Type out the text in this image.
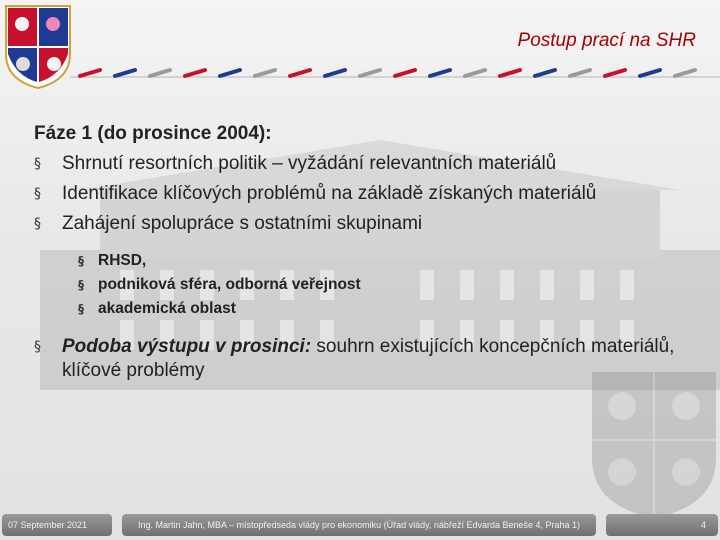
Postup prací na SHR
Fáze 1 (do prosince 2004):
§ Shrnutí resortních politik – vyžádání relevantních materiálů
§ Identifikace klíčových problémů na základě získaných materiálů
§ Zahájení spolupráce s ostatními skupinami
§ RHSD,
§ podniková sféra, odborná veřejnost
§ akademická oblast
§ Podoba výstupu v prosinci: souhrn existujících koncepčních materiálů, klíčové problémy
07 September 2021	Ing. Martin Jahn, MBA – místopředseda vlády pro ekonomiku (Úřad vlády, nábřeží Edvarda Beneše 4, Praha 1)	4
